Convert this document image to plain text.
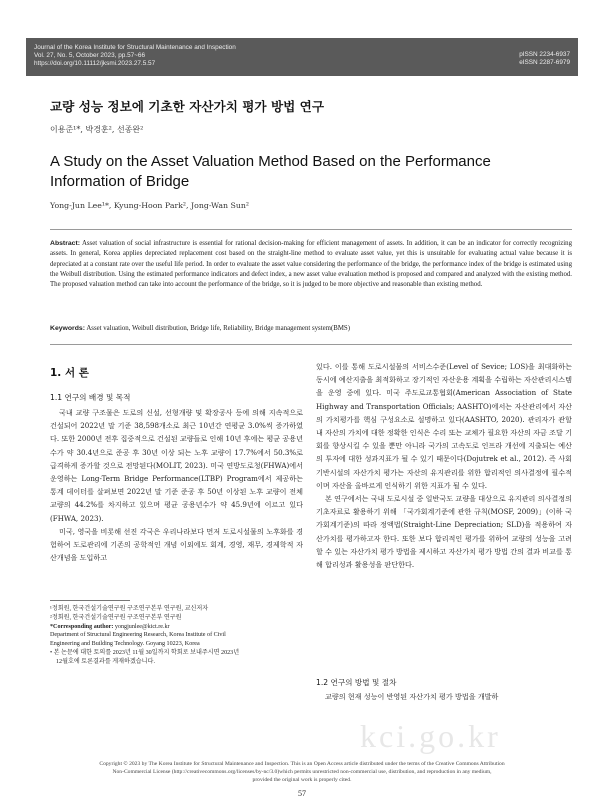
Journal of the Korea Institute for Structural Maintenance and Inspection
Vol. 27, No. 5, October 2023, pp.57~66
https://doi.org/10.11112/jksmi.2023.27.5.57
pISSN 2234-6937
eISSN 2287-6979
교량 성능 정보에 기초한 자산가치 평가 방법 연구
이용준¹*, 박경훈², 선종완²
A Study on the Asset Valuation Method Based on the Performance Information of Bridge
Yong-Jun Lee¹*, Kyung-Hoon Park², Jong-Wan Sun²
Abstract: Asset valuation of social infrastructure is essential for rational decision-making for efficient management of assets. In addition, it can be an indicator for correctly recognizing assets. In general, Korea applies depreciated replacement cost based on the straight-line method to evaluate asset value, yet this is unsuitable for evaluating actual value because it is depreciated at a constant rate over the useful life period. In order to evaluate the asset value considering the performance of the bridge, the performance index of the bridge is estimated using the Weibull distribution. Using the estimated performance indicators and defect index, a new asset value evaluation method is proposed and compared and analyzed with the existing method. The proposed valuation method can take into account the performance of the bridge, so it is judged to be more objective and reasonable than existing method.
Keywords: Asset valuation, Weibull distribution, Bridge life, Reliability, Bridge management system(BMS)
1. 서 론
1.1 연구의 배경 및 목적

국내 교량 구조물은 도로의 신설, 선형개량 및 확장공사 등에 의해 지속적으로 건설되어 2022년 말 기준 38,598개소로 최근 10년간 연평균 3.0%씩 증가하였다. 또한 2000년 전후 집중적으로 건설된 교량들로 인해 10년 후에는 평균 공용년수가 약 30.4년으로 준공 후 30년 이상 되는 노후 교량이 17.7%에서 50.3%로 급격하게 증가할 것으로 전망된다(MOLIT, 2023). 미국 연방도로청(FHWA)에서 운영하는 Long-Term Bridge Performance(LTBP) Program에서 제공하는 통계 데이터를 살펴보면 2022년 말 기준 준공 후 50년 이상된 노후 교량이 전체 교량의 44.2%를 차지하고 있으며 평균 공용년수가 약 45.9년에 이르고 있다(FHWA, 2023).

미국, 영국을 비롯해 선진 각국은 우리나라보다 먼저 도로시설물의 노후화를 경험하여 도로관리에 기존의 공학적인 개념 이외에도 회계, 경영, 재무, 경제학적 자산개념을 도입하고

¹정회원, 한국건설기술연구원 구조연구본부 연구원, 교신저자
²정회원, 한국건설기술연구원 구조연구본부 연구원
*Corresponding author: yongjunlee@kict.re.kr
Department of Structural Engineering Research, Korea Institute of Civil
Engineering and Building Technology. Goyang 10223, Korea
• 본 논문에 대한 토의를 2023년 11월 30일까지 학회로 보내주시면 2023년
12월호에 토론결과를 게재하겠습니다.

있다. 이를 통해 도로시설물의 서비스수준(Level of Sevice; LOS)을 최대화하는 동시에 예산지출을 최적화하고 장기적인 자산운용 계획을 수립하는 자산관리시스템을 운영 중에 있다. 미국 주도로교통협회(American Association of State Highway and Transportation Officials; AASHTO)에서는 자산관리에서 자산의 가치평가를 핵심 구성요소로 설명하고 있다(AASHTO, 2020). 관리자가 관할 내 자산의 가치에 대한 정확한 인식은 수리 또는 교체가 필요한 자산의 자금 조달 기회를 향상시킬 수 있을 뿐만 아니라 국가의 고속도로 인프라 개선에 지출되는 예산의 투자에 대한 성과지표가 될 수 있기 때문이다(Dojutrek et al., 2012). 즉 사회기반시설의 자산가치 평가는 자산의 유지관리를 위한 합리적인 의사결정에 필수적이며 자산을 올바르게 인식하기 위한 지표가 될 수 있다.

본 연구에서는 국내 도로시설 중 일반국도 교량을 대상으로 유지관리 의사결정의 기초자료로 활용하기 위해 「국가회계기준에 관한 규칙(MOSF, 2009)」(이하 국가회계기준)의 따라 정액법(Straight-Line Depreciation; SLD)을 적용하여 자산가치를 평가하고자 한다. 또한 보다 합리적인 평가를 위하여 교량의 성능을 고려할 수 있는 자산가치 평가 방법을 제시하고 자산가치 평가 방법 간의 결과 비교를 통해 합리성과 활용성을 판단한다.

1.2 연구의 방법 및 절차

교량의 현재 성능이 반영된 자산가치 평가 방법을 개발하

kci.go.kr
Copyright © 2023 by The Korea Institute for Structural Maintenance and Inspection. This is an Open Access article distributed under the terms of the Creative Commons Attribution
Non-Commercial License (http://creativecommons.org/licenses/by-nc/3.0)which permits unrestricted non-commercial use, distribution, and reproduction in any medium,
provided the original work is properly cited.
57
